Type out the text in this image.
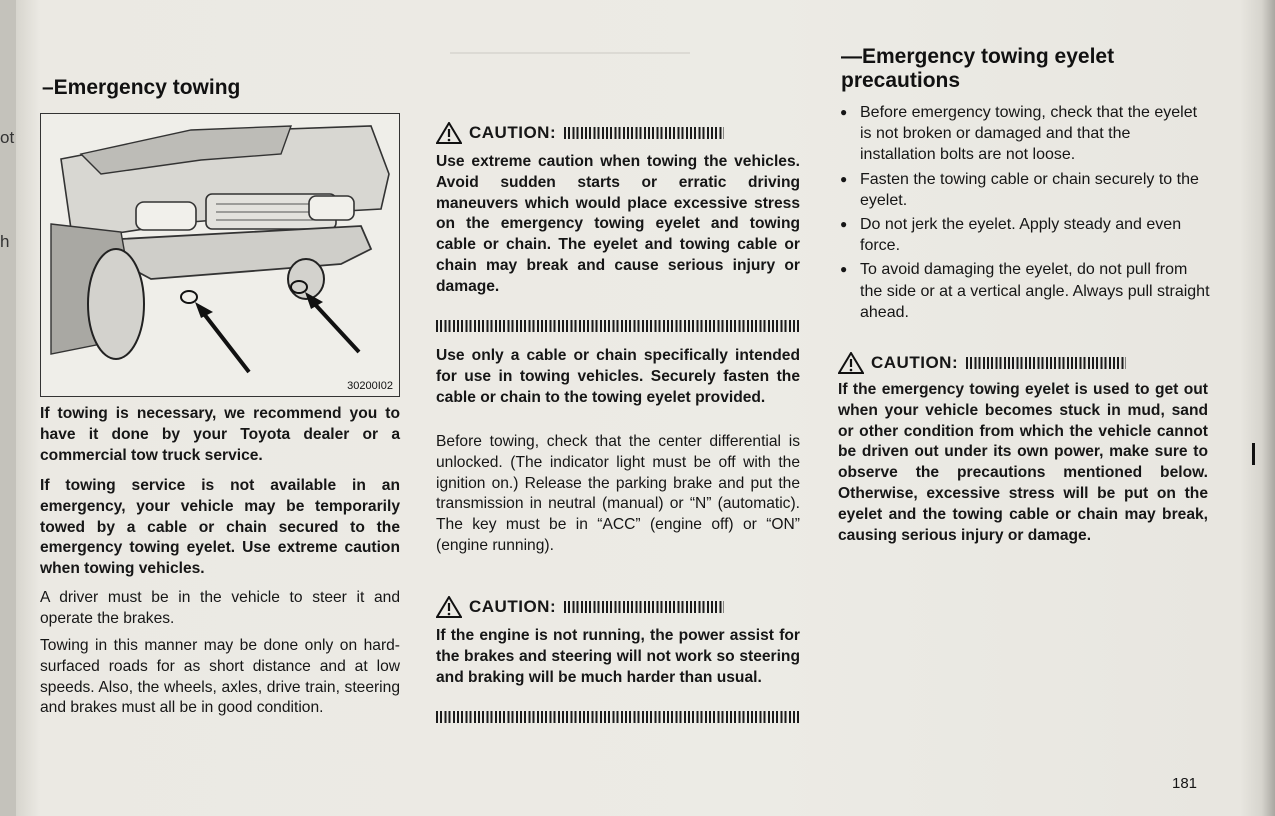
ot
h
–Emergency towing
30200I02
If towing is necessary, we recommend you to have it done by your Toyota dealer or a commercial tow truck service.
If towing service is not available in an emergency, your vehicle may be temporarily towed by a cable or chain secured to the emergency towing eyelet. Use extreme caution when towing vehicles.
A driver must be in the vehicle to steer it and operate the brakes.
Towing in this manner may be done only on hard-surfaced roads for as short distance and at low speeds. Also, the wheels, axles, drive train, steering and brakes must all be in good condition.
CAUTION:
Use extreme caution when towing the vehicles. Avoid sudden starts or erratic driving maneuvers which would place excessive stress on the emergency towing eyelet and towing cable or chain. The eyelet and towing cable or chain may break and cause serious injury or damage.
Use only a cable or chain specifically intended for use in towing vehicles. Securely fasten the cable or chain to the towing eyelet provided.
Before towing, check that the center differential is unlocked. (The indicator light must be off with the ignition on.) Release the parking brake and put the transmission in neutral (manual) or “N” (automatic). The key must be in “ACC” (engine off) or “ON” (engine running).
CAUTION:
If the engine is not running, the power assist for the brakes and steering will not work so steering and braking will be much harder than usual.
—Emergency towing eyelet precautions
● Before emergency towing, check that the eyelet is not broken or damaged and that the installation bolts are not loose.
● Fasten the towing cable or chain securely to the eyelet.
● Do not jerk the eyelet. Apply steady and even force.
● To avoid damaging the eyelet, do not pull from the side or at a vertical angle. Always pull straight ahead.
CAUTION:
If the emergency towing eyelet is used to get out when your vehicle becomes stuck in mud, sand or other condition from which the vehicle cannot be driven out under its own power, make sure to observe the precautions mentioned below. Otherwise, excessive stress will be put on the eyelet and the towing cable or chain may break, causing serious injury or damage.
181
